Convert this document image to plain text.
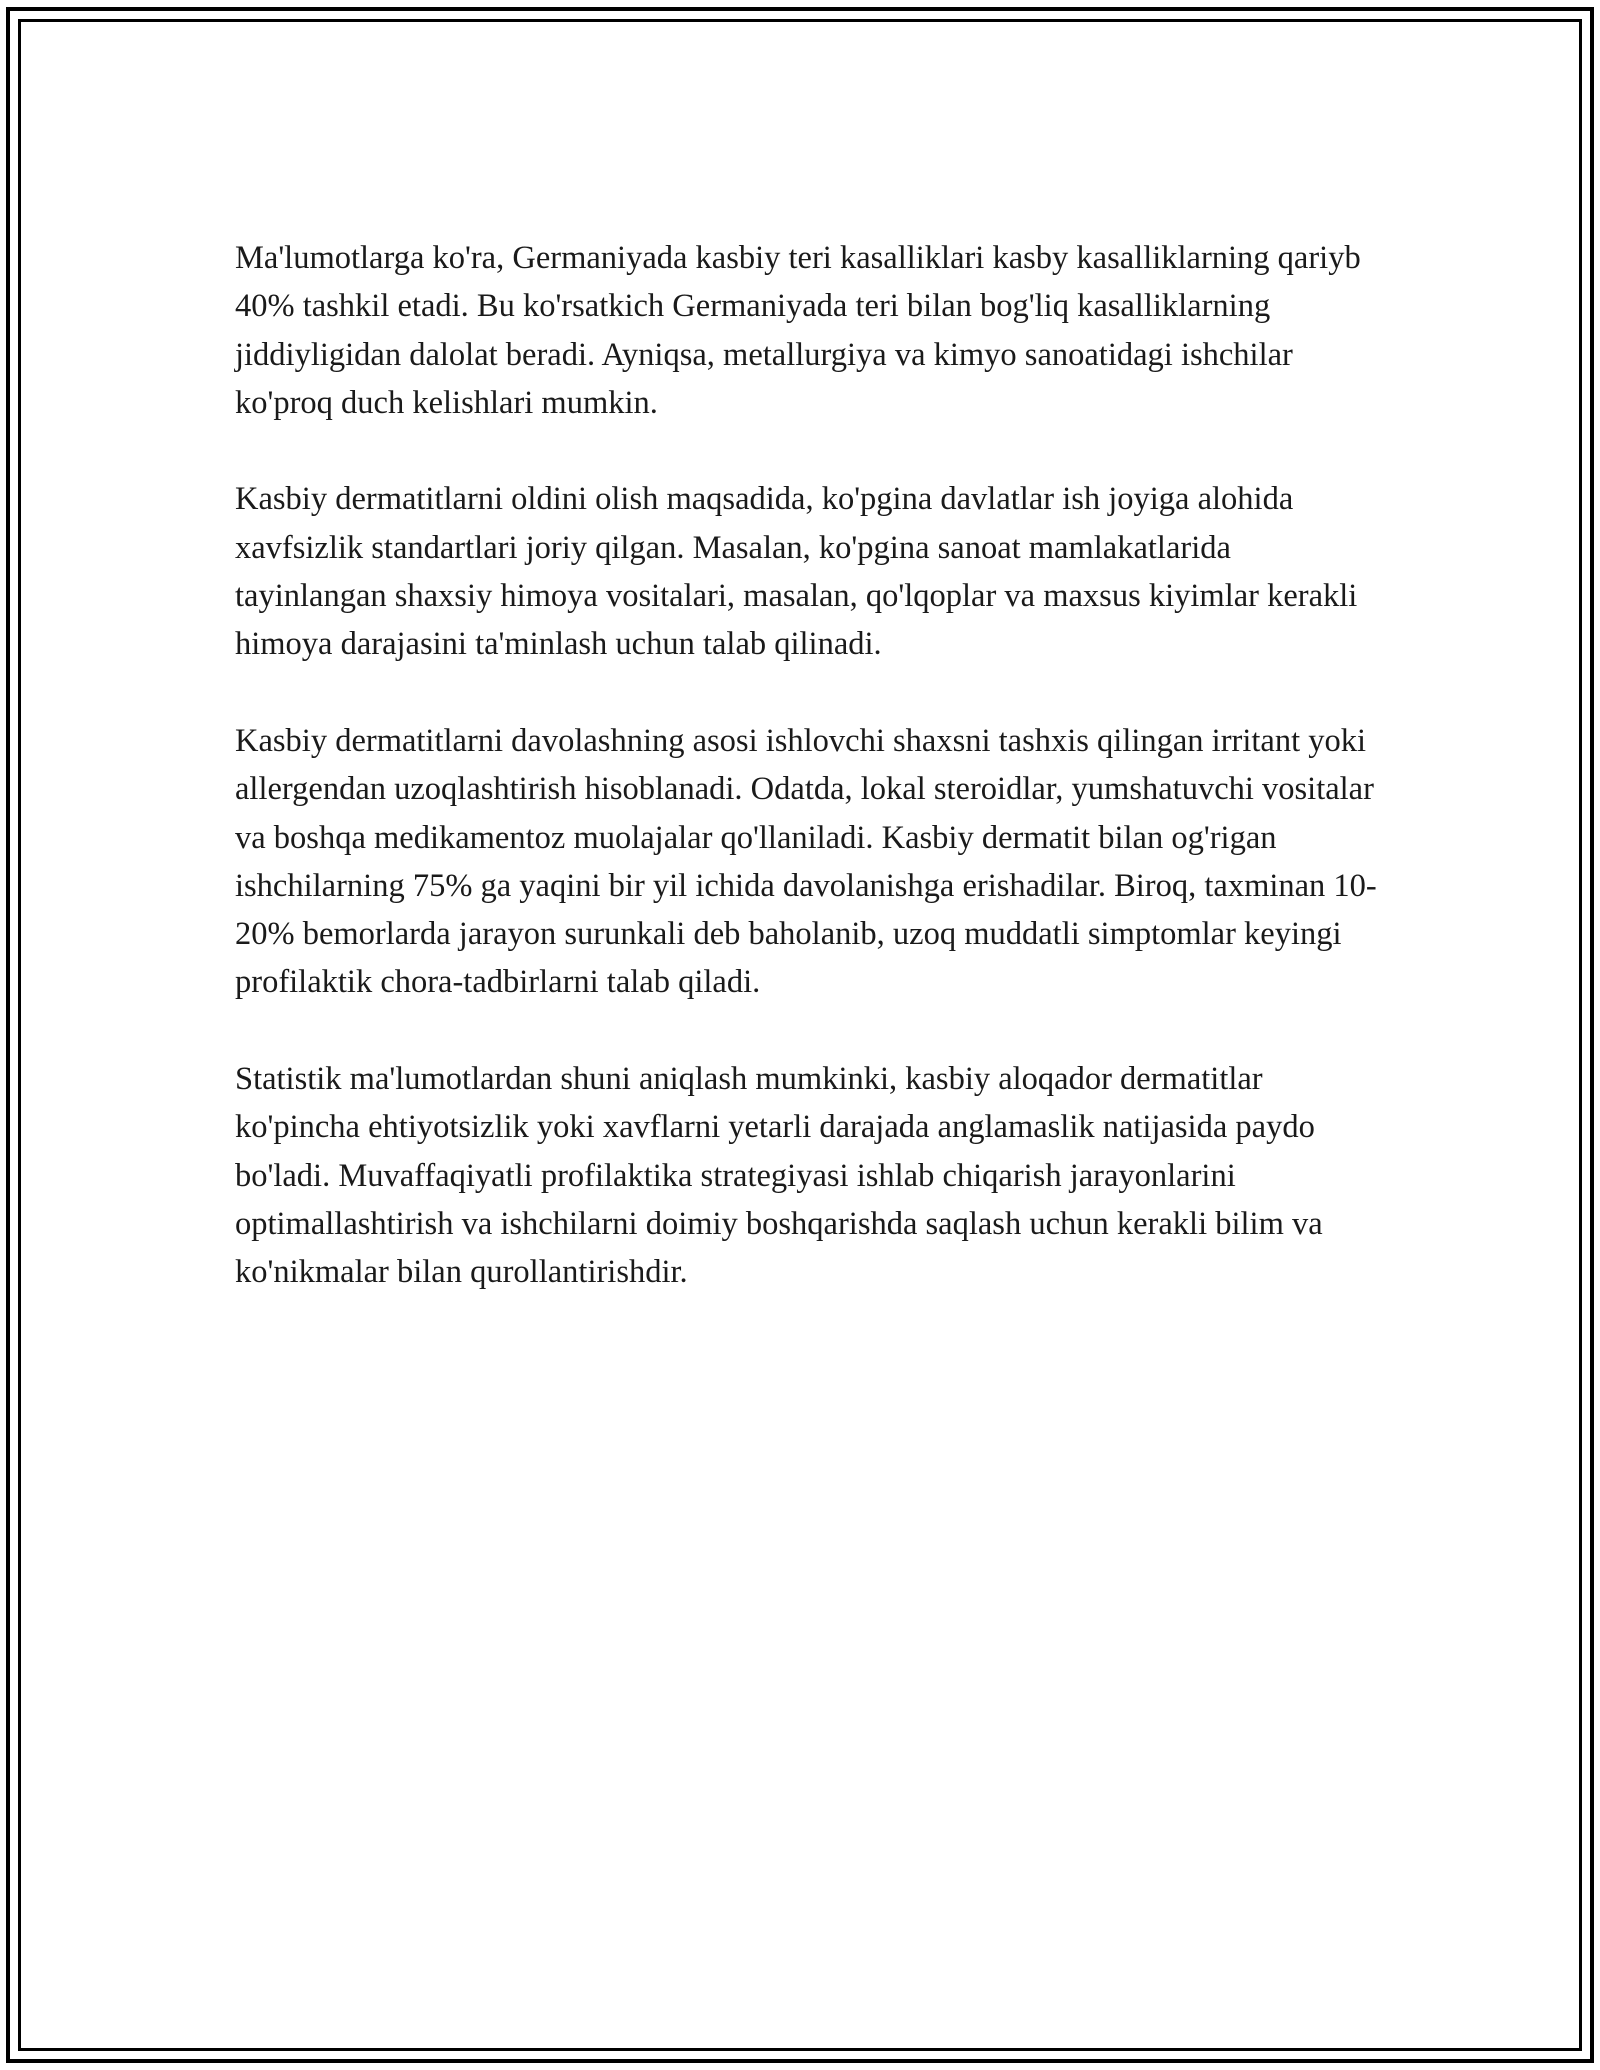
Ma'lumotlarga ko'ra, Germaniyada kasbiy teri kasalliklari kasby kasalliklarning qariyb 40% tashkil etadi. Bu ko'rsatkich Germaniyada teri bilan bog'liq kasalliklarning jiddiyligidan dalolat beradi. Ayniqsa, metallurgiya va kimyo sanoatidagi ishchilar ko'proq duch kelishlari mumkin.

Kasbiy dermatitlarni oldini olish maqsadida, ko'pgina davlatlar ish joyiga alohida xavfsizlik standartlari joriy qilgan. Masalan, ko'pgina sanoat mamlakatlarida tayinlangan shaxsiy himoya vositalari, masalan, qo'lqoplar va maxsus kiyimlar kerakli himoya darajasini ta'minlash uchun talab qilinadi.

Kasbiy dermatitlarni davolashning asosi ishlovchi shaxsni tashxis qilingan irritant yoki allergendan uzoqlashtirish hisoblanadi. Odatda, lokal steroidlar, yumshatuvchi vositalar va boshqa medikamentoz muolajalar qo'llaniladi. Kasbiy dermatit bilan og'rigan ishchilarning 75% ga yaqini bir yil ichida davolanishga erishadilar. Biroq, taxminan 10-20% bemorlarda jarayon surunkali deb baholanib, uzoq muddatli simptomlar keyingi profilaktik chora-tadbirlarni talab qiladi.

Statistik ma'lumotlardan shuni aniqlash mumkinki, kasbiy aloqador dermatitlar ko'pincha ehtiyotsizlik yoki xavflarni yetarli darajada anglamaslik natijasida paydo bo'ladi. Muvaffaqiyatli profilaktika strategiyasi ishlab chiqarish jarayonlarini optimallashtirish va ishchilarni doimiy boshqarishda saqlash uchun kerakli bilim va ko'nikmalar bilan qurollantirishdir.
